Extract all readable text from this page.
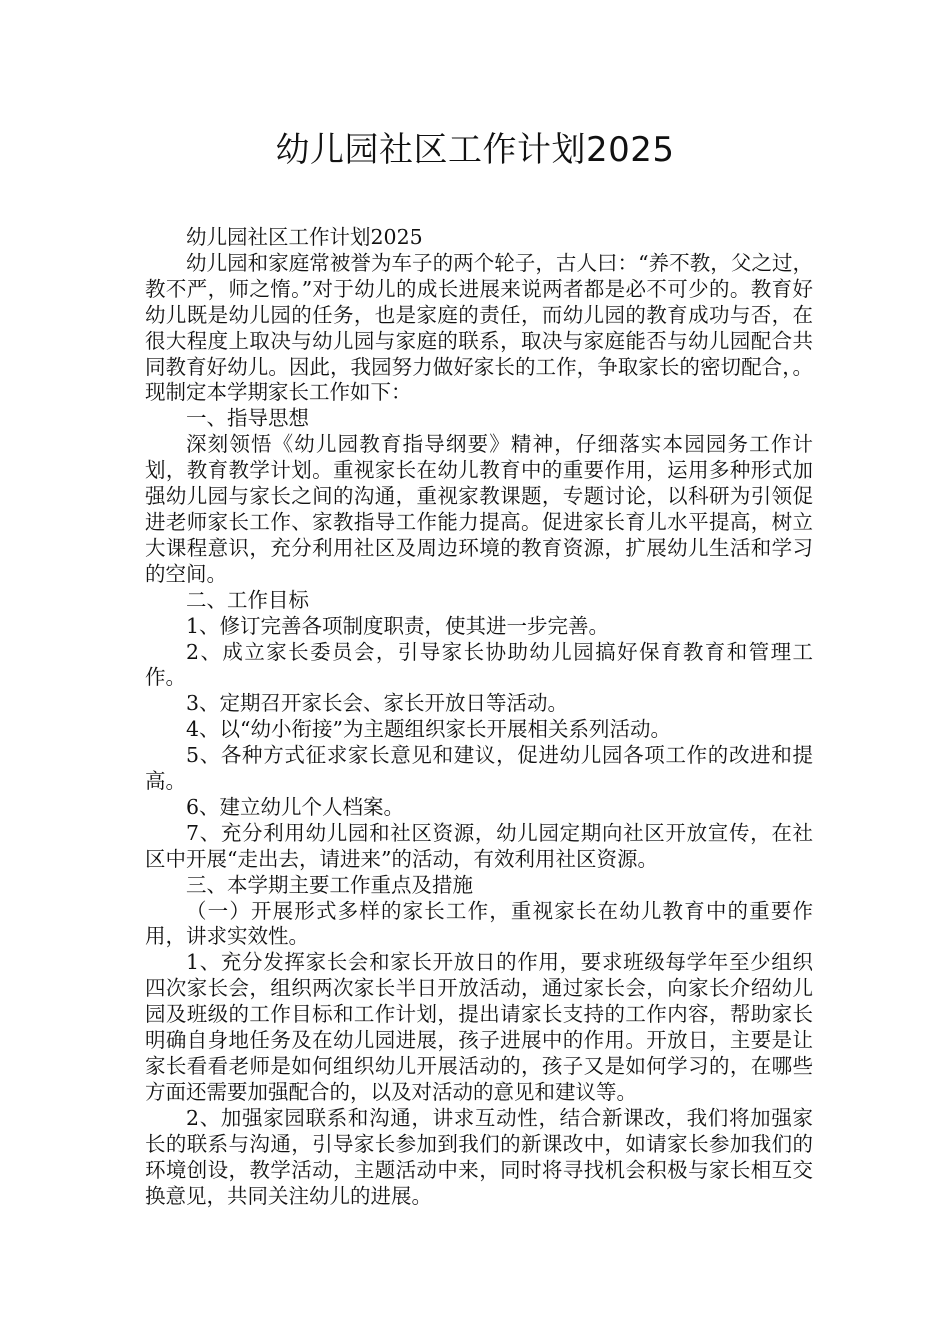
幼儿园社区工作计划2025

幼儿园社区工作计划2025

幼儿园和家庭常被誉为车子的两个轮子，古人曰：“养不教，父之过，教不严，师之惰。”对于幼儿的成长进展来说两者都是必不可少的。教育好幼儿既是幼儿园的任务，也是家庭的责任，而幼儿园的教育成功与否，在很大程度上取决与幼儿园与家庭的联系，取决与家庭能否与幼儿园配合共同教育好幼儿。因此，我园努力做好家长的工作，争取家长的密切配合，。现制定本学期家长工作如下：

一、指导思想

深刻领悟《幼儿园教育指导纲要》精神，仔细落实本园园务工作计划，教育教学计划。重视家长在幼儿教育中的重要作用，运用多种形式加强幼儿园与家长之间的沟通，重视家教课题，专题讨论，以科研为引领促进老师家长工作、家教指导工作能力提高。促进家长育儿水平提高，树立大课程意识，充分利用社区及周边环境的教育资源，扩展幼儿生活和学习的空间。

二、工作目标

1、修订完善各项制度职责，使其进一步完善。

2、成立家长委员会，引导家长协助幼儿园搞好保育教育和管理工作。

3、定期召开家长会、家长开放日等活动。

4、以“幼小衔接”为主题组织家长开展相关系列活动。

5、各种方式征求家长意见和建议，促进幼儿园各项工作的改进和提高。

6、建立幼儿个人档案。

7、充分利用幼儿园和社区资源，幼儿园定期向社区开放宣传，在社区中开展“走出去，请进来”的活动，有效利用社区资源。

三、本学期主要工作重点及措施

（一）开展形式多样的家长工作，重视家长在幼儿教育中的重要作用，讲求实效性。

1、充分发挥家长会和家长开放日的作用，要求班级每学年至少组织四次家长会，组织两次家长半日开放活动，通过家长会，向家长介绍幼儿园及班级的工作目标和工作计划，提出请家长支持的工作内容，帮助家长明确自身地任务及在幼儿园进展，孩子进展中的作用。开放日，主要是让家长看看老师是如何组织幼儿开展活动的，孩子又是如何学习的，在哪些方面还需要加强配合的，以及对活动的意见和建议等。

2、加强家园联系和沟通，讲求互动性，结合新课改，我们将加强家长的联系与沟通，引导家长参加到我们的新课改中，如请家长参加我们的环境创设，教学活动，主题活动中来，同时将寻找机会积极与家长相互交换意见，共同关注幼儿的进展。
